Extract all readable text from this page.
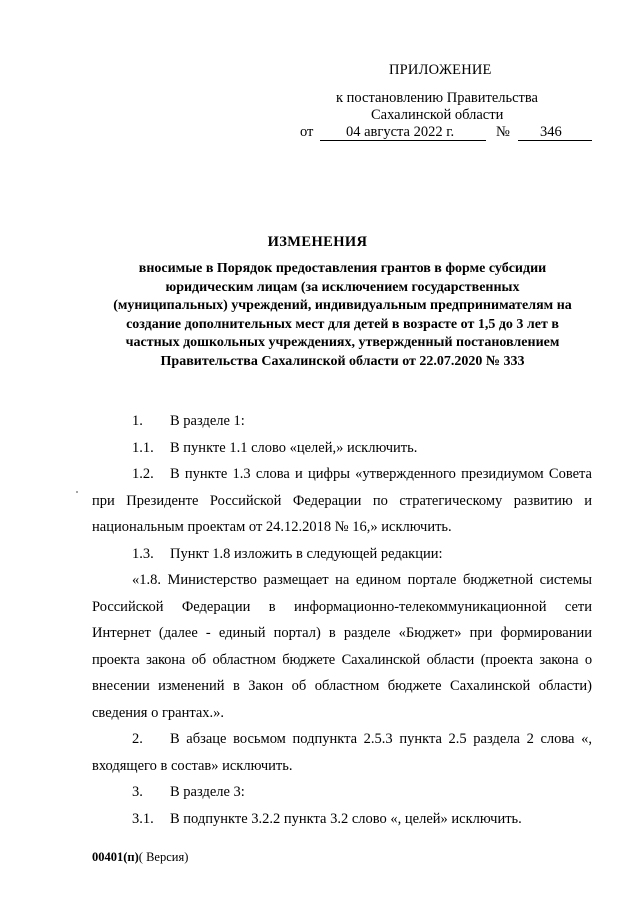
ПРИЛОЖЕНИЕ
к постановлению Правительства
Сахалинской области
от 04 августа 2022 г.	№ 346
ИЗМЕНЕНИЯ
вносимые в Порядок предоставления грантов в форме субсидии
юридическим лицам (за исключением государственных
(муниципальных) учреждений, индивидуальным предпринимателям на
создание дополнительных мест для детей в возрасте от 1,5 до 3 лет в
частных дошкольных учреждениях, утвержденный постановлением
Правительства Сахалинской области от 22.07.2020 № 333
1. В разделе 1:
1.1. В пункте 1.1 слово «целей,» исключить.
1.2. В пункте 1.3 слова и цифры «утвержденного президиумом Совета
при Президенте Российской Федерации по стратегическому развитию и
национальным проектам от 24.12.2018 № 16,» исключить.
1.3. Пункт 1.8 изложить в следующей редакции:
«1.8. Министерство размещает на едином портале бюджетной системы
Российской Федерации в информационно-телекоммуникационной сети
Интернет (далее - единый портал) в разделе «Бюджет» при формировании
проекта закона об областном бюджете Сахалинской области (проекта закона о
внесении изменений в Закон об областном бюджете Сахалинской области)
сведения о грантах.».
2. В абзаце восьмом подпункта 2.5.3 пункта 2.5 раздела 2 слова «,
входящего в состав» исключить.
3. В разделе 3:
3.1. В подпункте 3.2.2 пункта 3.2 слово «, целей» исключить.
00401(п)( Версия)
